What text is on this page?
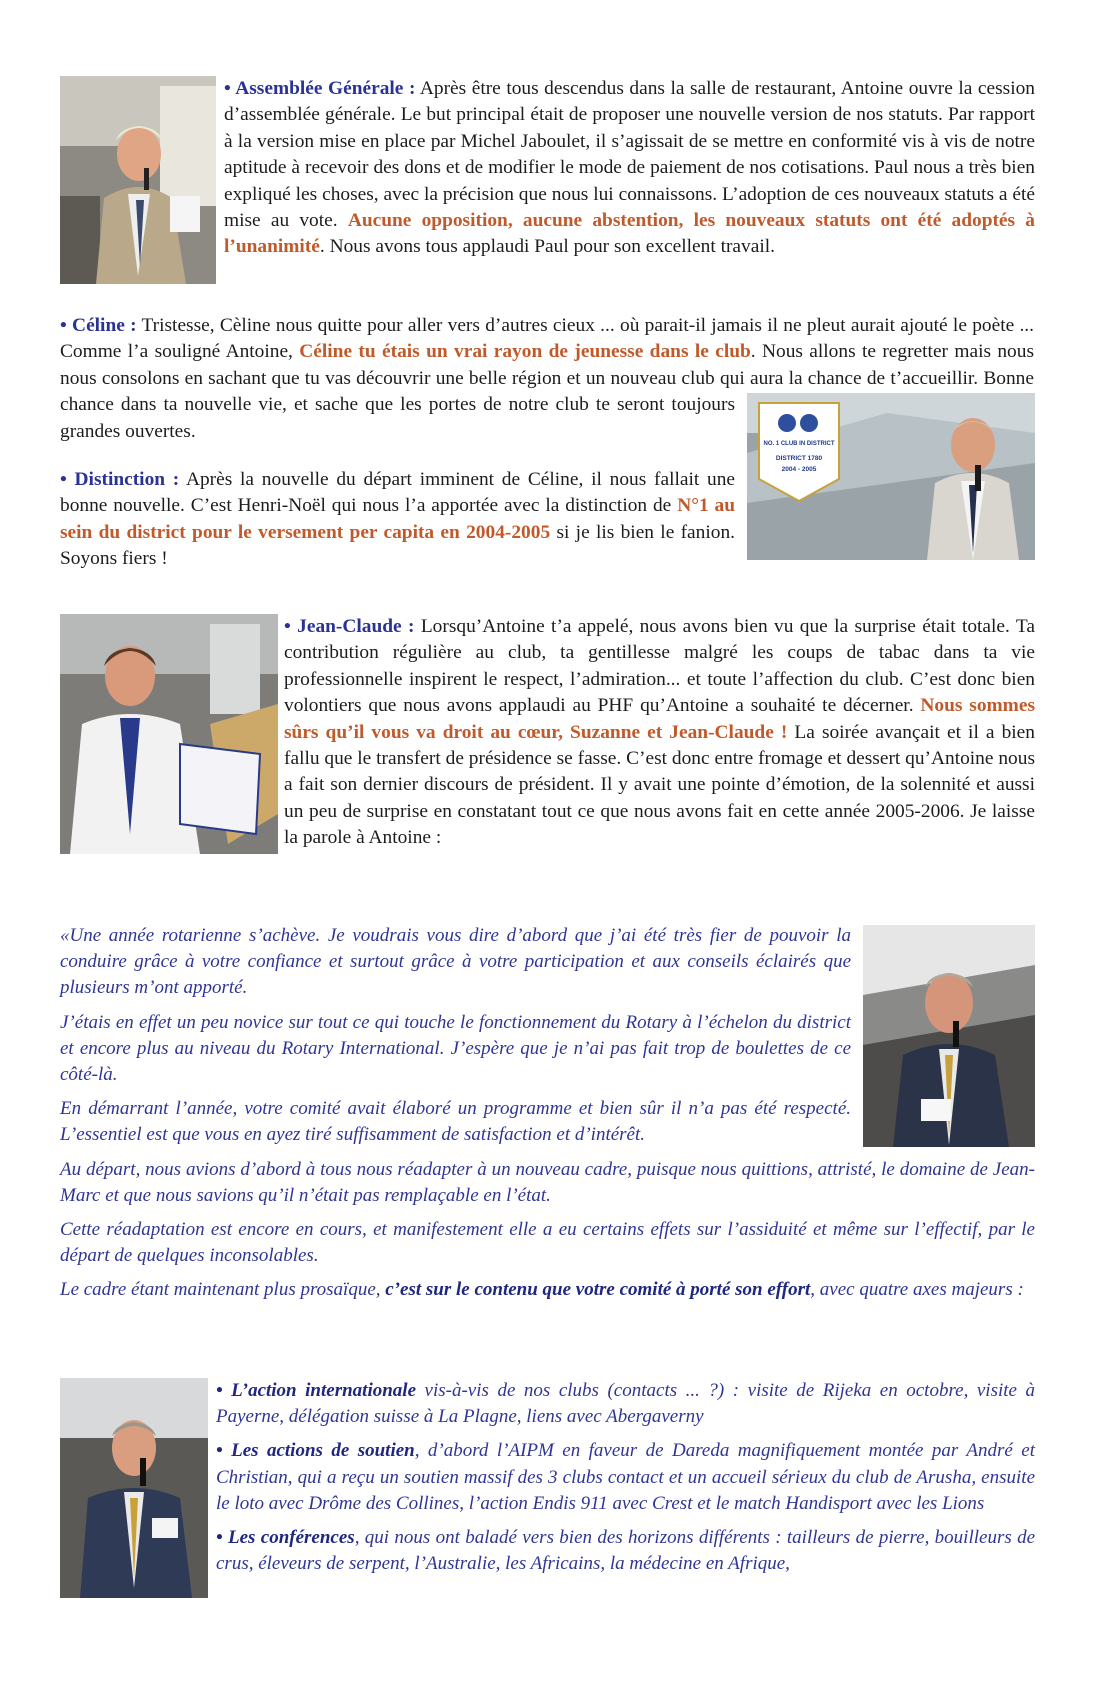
• Assemblée Générale : Après être tous descendus dans la salle de restaurant, Antoine ouvre la cession d’assemblée générale. Le but principal était de proposer une nouvelle version de nos statuts. Par rapport à la version mise en place par Michel Jaboulet, il s’agissait de se mettre en conformité vis à vis de notre aptitude à recevoir des dons et de modifier le mode de paiement de nos cotisations. Paul nous a très bien expliqué les choses, avec la précision que nous lui connaissons. L’adoption de ces nouveaux statuts a été mise au vote. Aucune opposition, aucune abstention, les nouveaux statuts ont été adoptés à l’unanimité. Nous avons tous applaudi Paul pour son excellent travail.

NO. 1 CLUB IN DISTRICT
DISTRICT 1780
2004 - 2005

• Céline : Tristesse, Cèline nous quitte pour aller vers d’autres cieux ... où parait-il jamais il ne pleut aurait ajouté le poète ... Comme l’a souligné Antoine, Céline tu étais un vrai rayon de jeunesse dans le club. Nous allons te regretter mais nous nous consolons en sachant que tu vas découvrir une belle région et un nouveau club qui aura la chance de t’accueillir. Bonne chance dans ta nouvelle vie, et sache que les portes de notre club te seront toujours grandes ouvertes.

• Distinction : Après la nouvelle du départ imminent de Céline, il nous fallait une bonne nouvelle. C’est Henri-Noël qui nous l’a apportée avec la distinction de N°1 au sein du district pour le versement per capita en 2004-2005 si je lis bien le fanion. Soyons fiers !

• Jean-Claude : Lorsqu’Antoine t’a appelé, nous avons bien vu que la surprise était totale. Ta contribution régulière au club, ta gentillesse malgré les coups de tabac dans ta vie professionnelle inspirent le respect, l’admiration... et toute l’affection du club. C’est donc bien volontiers que nous avons applaudi au PHF qu’Antoine a souhaité te décerner. Nous sommes sûrs qu’il vous va droit au cœur, Suzanne et Jean-Claude ! La soirée avançait et il a bien fallu que le transfert de présidence se fasse. C’est donc entre fromage et dessert qu’Antoine nous a fait son dernier discours de président. Il y avait une pointe d’émotion, de la solennité et aussi un peu de surprise en constatant tout ce que nous avons fait en cette année 2005-2006. Je laisse la parole à Antoine :

«Une année rotarienne s’achève. Je voudrais vous dire d’abord que j’ai été très fier de pouvoir la conduire grâce à votre confiance et surtout grâce à votre participation et aux conseils éclairés que plusieurs m’ont apporté.

J’étais en effet un peu novice sur tout ce qui touche le fonctionnement du Rotary à l’échelon du district et encore plus au niveau du Rotary International. J’espère que je n’ai pas fait trop de boulettes de ce côté-là.

En démarrant l’année, votre comité avait élaboré un programme et bien sûr il n’a pas été respecté. L’essentiel est que vous en ayez tiré suffisamment de satisfaction et d’intérêt.

Au départ, nous avions d’abord à tous nous réadapter à un nouveau cadre, puisque nous quittions, attristé, le domaine de Jean-Marc et que nous savions qu’il n’était pas remplaçable en l’état.

Cette réadaptation est encore en cours, et manifestement elle a eu certains effets sur l’assiduité et même sur l’effectif, par le départ de quelques inconsolables.

Le cadre étant maintenant plus prosaïque, c’est sur le contenu que votre comité à porté son effort, avec quatre axes majeurs :

• L’action internationale vis-à-vis de nos clubs (contacts ... ?) : visite de Rijeka en octobre, visite à Payerne, délégation suisse à La Plagne, liens avec Abergaverny

• Les actions de soutien, d’abord l’AIPM en faveur de Dareda magnifiquement montée par André et Christian, qui a reçu un soutien massif des 3 clubs contact et un accueil sérieux du club de Arusha, ensuite le loto avec Drôme des Collines, l’action Endis 911 avec Crest et le match Handisport avec les Lions

• Les conférences, qui nous ont baladé vers bien des horizons différents : tailleurs de pierre, bouilleurs de crus, éleveurs de serpent, l’Australie, les Africains, la médecine en Afrique,
